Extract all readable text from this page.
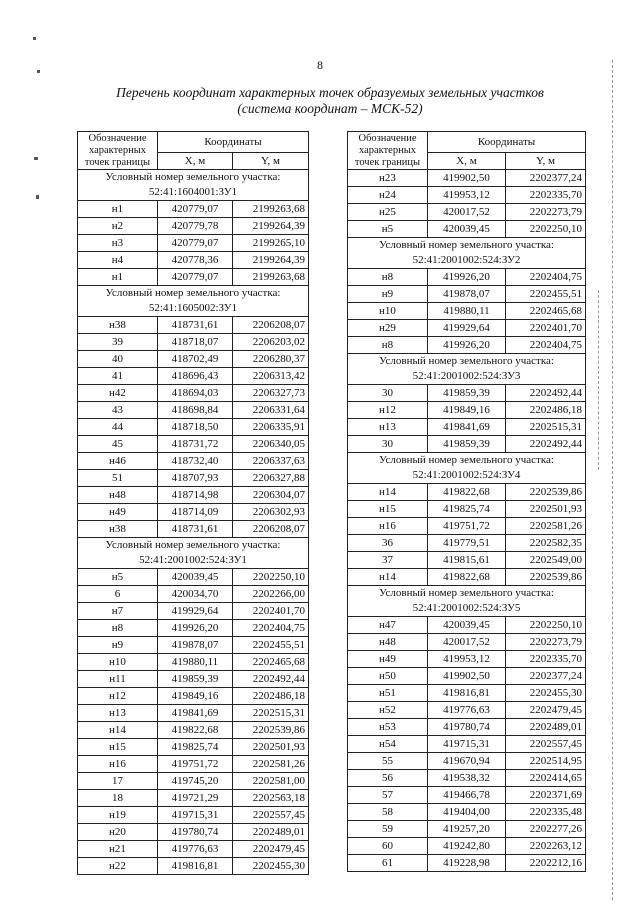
8
Перечень координат характерных точек образуемых земельных участков
(система координат – МСК-52)
Обозначение характерных точек границы	Координаты	
	X, м	Y, м
Условный номер земельного участка: 52:41:1604001:ЗУ1		
н1	420779,07	2199263,68
н2	420779,78	2199264,39
н3	420779,07	2199265,10
н4	420778,36	2199264,39
н1	420779,07	2199263,68
Условный номер земельного участка: 52:41:1605002:ЗУ1		
н38	418731,61	2206208,07
39	418718,07	2206203,02
40	418702,49	2206280,37
41	418696,43	2206313,42
н42	418694,03	2206327,73
43	418698,84	2206331,64
44	418718,50	2206335,91
45	418731,72	2206340,05
н46	418732,40	2206337,63
51	418707,93	2206327,88
н48	418714,98	2206304,07
н49	418714,09	2206302,93
н38	418731,61	2206208,07
Условный номер земельного участка: 52:41:2001002:524:ЗУ1		
н5	420039,45	2202250,10
6	420034,70	2202266,00
н7	419929,64	2202401,70
н8	419926,20	2202404,75
н9	419878,07	2202455,51
н10	419880,11	2202465,68
н11	419859,39	2202492,44
н12	419849,16	2202486,18
н13	419841,69	2202515,31
н14	419822,68	2202539,86
н15	419825,74	2202501,93
н16	419751,72	2202581,26
17	419745,20	2202581,00
18	419721,29	2202563,18
н19	419715,31	2202557,45
н20	419780,74	2202489,01
н21	419776,63	2202479,45
н22	419816,81	2202455,30
Обозначение характерных точек границы	Координаты	
	X, м	Y, м
н23	419902,50	2202377,24
н24	419953,12	2202335,70
н25	420017,52	2202273,79
н5	420039,45	2202250,10
Условный номер земельного участка: 52:41:2001002:524:ЗУ2		
н8	419926,20	2202404,75
н9	419878,07	2202455,51
н10	419880,11	2202465,68
н29	419929,64	2202401,70
н8	419926,20	2202404,75
Условный номер земельного участка: 52:41:2001002:524:ЗУ3		
30	419859,39	2202492,44
н12	419849,16	2202486,18
н13	419841,69	2202515,31
30	419859,39	2202492,44
Условный номер земельного участка: 52:41:2001002:524:ЗУ4		
н14	419822,68	2202539,86
н15	419825,74	2202501,93
н16	419751,72	2202581,26
36	419779,51	2202582,35
37	419815,61	2202549,00
н14	419822,68	2202539,86
Условный номер земельного участка: 52:41:2001002:524:ЗУ5		
н47	420039,45	2202250,10
н48	420017,52	2202273,79
н49	419953,12	2202335,70
н50	419902,50	2202377,24
н51	419816,81	2202455,30
н52	419776,63	2202479,45
н53	419780,74	2202489,01
н54	419715,31	2202557,45
55	419670,94	2202514,95
56	419538,32	2202414,65
57	419466,78	2202371,69
58	419404,00	2202335,48
59	419257,20	2202277,26
60	419242,80	2202263,12
61	419228,98	2202212,16
